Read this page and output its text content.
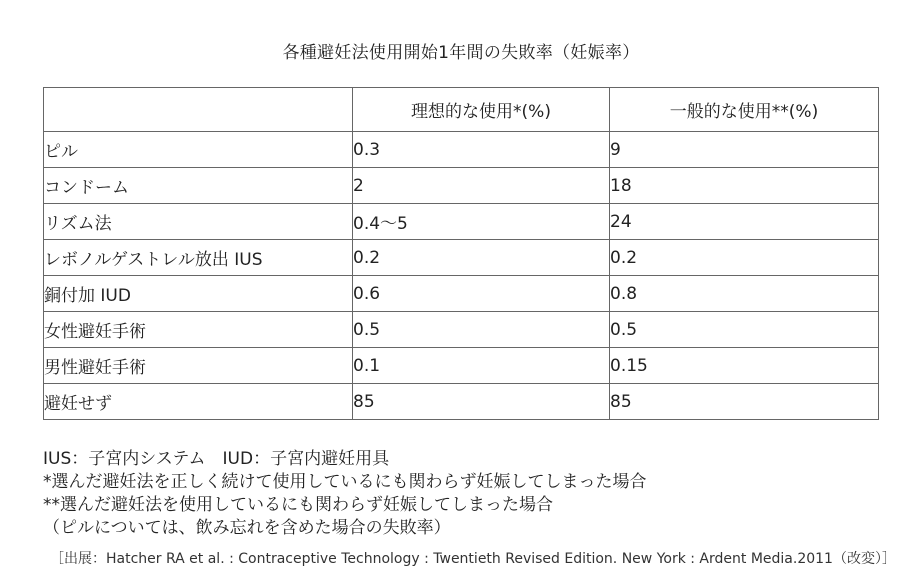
各種避妊法使用開始1年間の失敗率（妊娠率）
	理想的な使用*(%)	一般的な使用**(%)
ピル	0.3	9
コンドーム	2	18
リズム法	0.4〜5	24
レボノルゲストレル放出 IUS	0.2	0.2
銅付加 IUD	0.6	0.8
女性避妊手術	0.5	0.5
男性避妊手術	0.1	0.15
避妊せず	85	85
IUS：子宮内システム　IUD：子宮内避妊用具
*選んだ避妊法を正しく続けて使用しているにも関わらず妊娠してしまった場合
**選んだ避妊法を使用しているにも関わらず妊娠してしまった場合
（ピルについては、飲み忘れを含めた場合の失敗率）
［出展：Hatcher RA et al. : Contraceptive Technology : Twentieth Revised Edition. New York : Ardent Media.2011（改変）］
